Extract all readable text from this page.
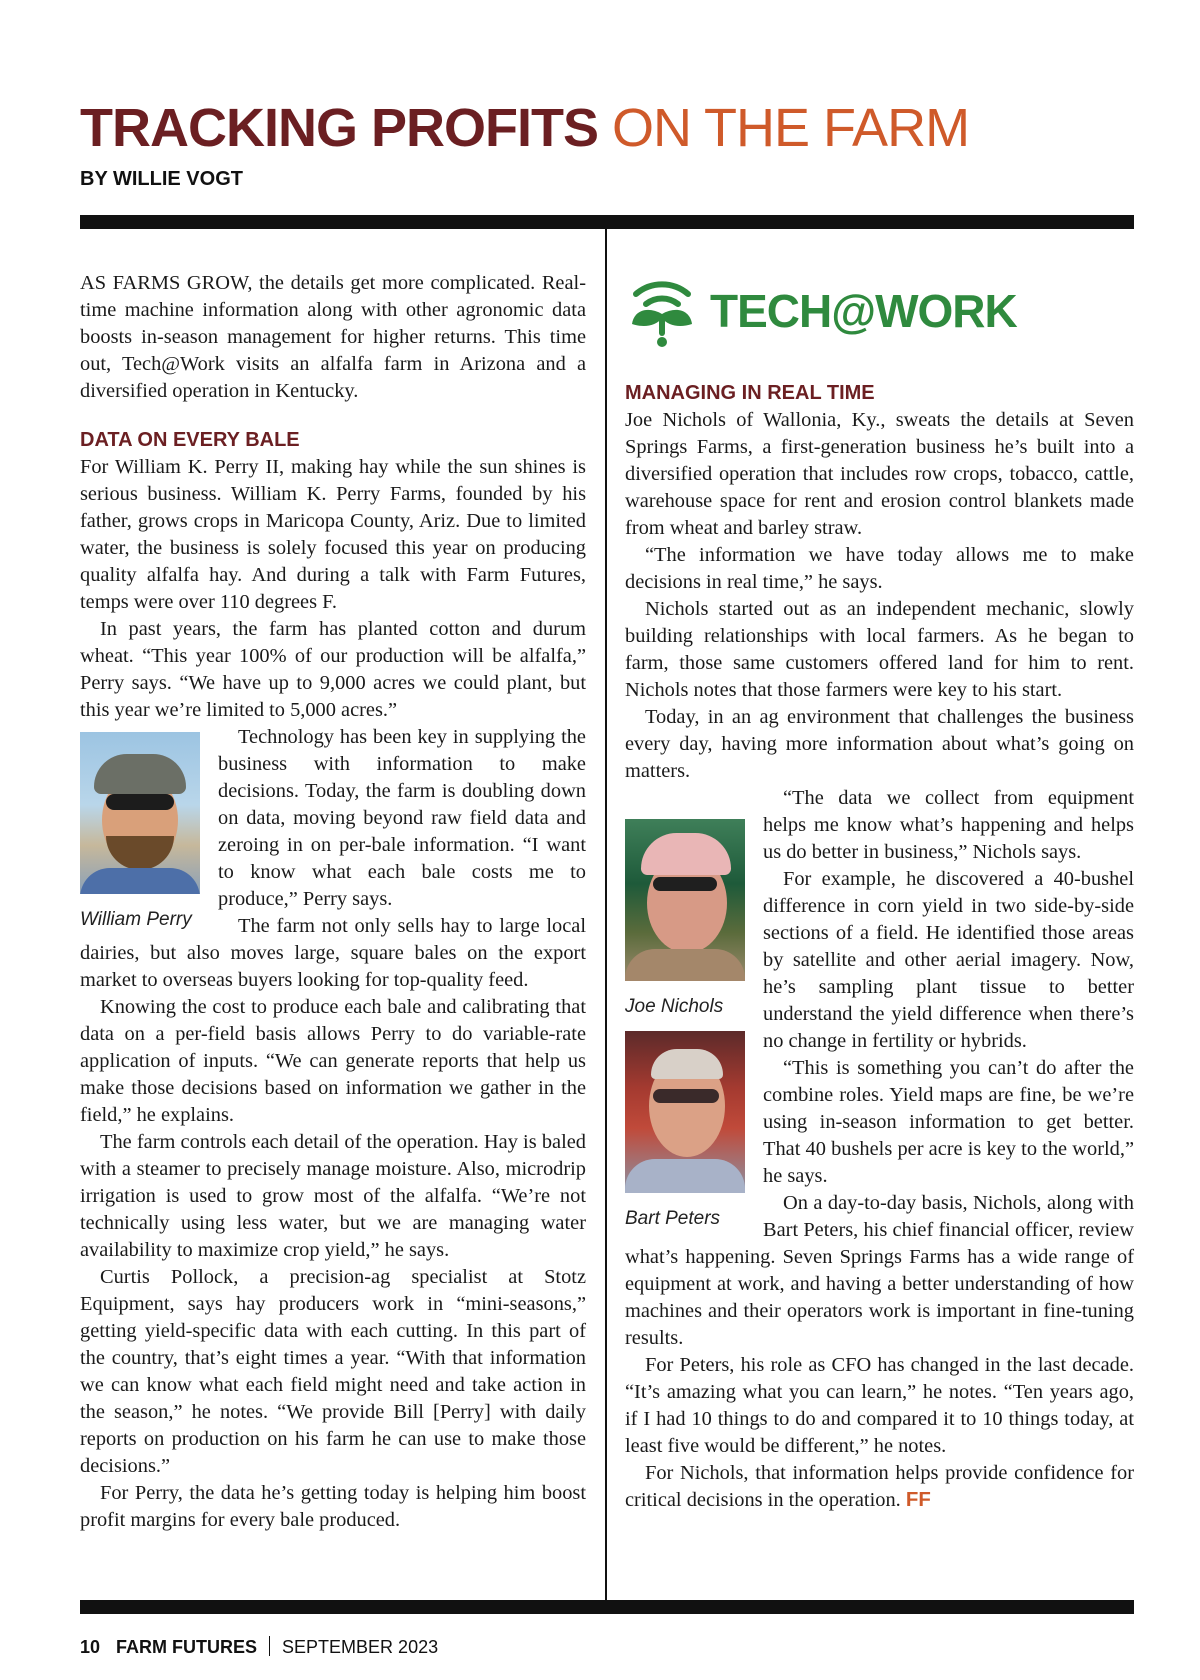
TRACKING PROFITS ON THE FARM
BY WILLIE VOGT

AS FARMS GROW, the details get more complicated. Real-time machine information along with other agronomic data boosts in-season management for higher returns. This time out, Tech@Work visits an alfalfa farm in Arizona and a diversified operation in Kentucky.

DATA ON EVERY BALE

For William K. Perry II, making hay while the sun shines is serious business. William K. Perry Farms, founded by his father, grows crops in Maricopa County, Ariz. Due to limited water, the business is solely focused this year on producing quality alfalfa hay. And during a talk with Farm Futures, temps were over 110 degrees F.

In past years, the farm has planted cotton and durum wheat. “This year 100% of our production will be alfalfa,” Perry says. “We have up to 9,000 acres we could plant, but this year we’re limited to 5,000 acres.”

William Perry

Technology has been key in supplying the business with information to make decisions. Today, the farm is doubling down on data, moving beyond raw field data and zeroing in on per-bale information. “I want to know what each bale costs me to produce,” Perry says.

The farm not only sells hay to large local dairies, but also moves large, square bales on the export market to overseas buyers looking for top-quality feed.

Knowing the cost to produce each bale and calibrating that data on a per-field basis allows Perry to do variable-rate application of inputs. “We can generate reports that help us make those decisions based on information we gather in the field,” he explains.

The farm controls each detail of the operation. Hay is baled with a steamer to precisely manage moisture. Also, microdrip irrigation is used to grow most of the alfalfa. “We’re not technically using less water, but we are managing water availability to maximize crop yield,” he says.

Curtis Pollock, a precision-ag specialist at Stotz Equipment, says hay producers work in “mini-seasons,” getting yield-specific data with each cutting. In this part of the country, that’s eight times a year. “With that information we can know what each field might need and take action in the season,” he notes. “We provide Bill [Perry] with daily reports on production on his farm he can use to make those decisions.”

For Perry, the data he’s getting today is helping him boost profit margins for every bale produced.

TECH@WORK
MANAGING IN REAL TIME

Joe Nichols of Wallonia, Ky., sweats the details at Seven Springs Farms, a first-generation business he’s built into a diversified operation that includes row crops, tobacco, cattle, warehouse space for rent and erosion control blankets made from wheat and barley straw.

“The information we have today allows me to make decisions in real time,” he says.

Nichols started out as an independent mechanic, slowly building relationships with local farmers. As he began to farm, those same customers offered land for him to rent. Nichols notes that those farmers were key to his start.

Today, in an ag environment that challenges the business every day, having more information about what’s going on matters.

Joe Nichols
Bart Peters

“The data we collect from equipment helps me know what’s happening and helps us do better in business,” Nichols says.

For example, he discovered a 40-bushel difference in corn yield in two side-by-side sections of a field. He identified those areas by satellite and other aerial imagery. Now, he’s sampling plant tissue to better understand the yield difference when there’s no change in fertility or hybrids.

“This is something you can’t do after the combine roles. Yield maps are fine, be we’re using in-season information to get better. That 40 bushels per acre is key to the world,” he says.

On a day-to-day basis, Nichols, along with Bart Peters, his chief financial officer, review what’s happening. Seven Springs Farms has a wide range of equipment at work, and having a better understanding of how machines and their operators work is important in fine-tuning results.

For Peters, his role as CFO has changed in the last decade. “It’s amazing what you can learn,” he notes. “Ten years ago, if I had 10 things to do and compared it to 10 things today, at least five would be different,” he notes.

For Nichols, that information helps provide confidence for critical decisions in the operation. FF

10 FARM FUTURES SEPTEMBER 2023
